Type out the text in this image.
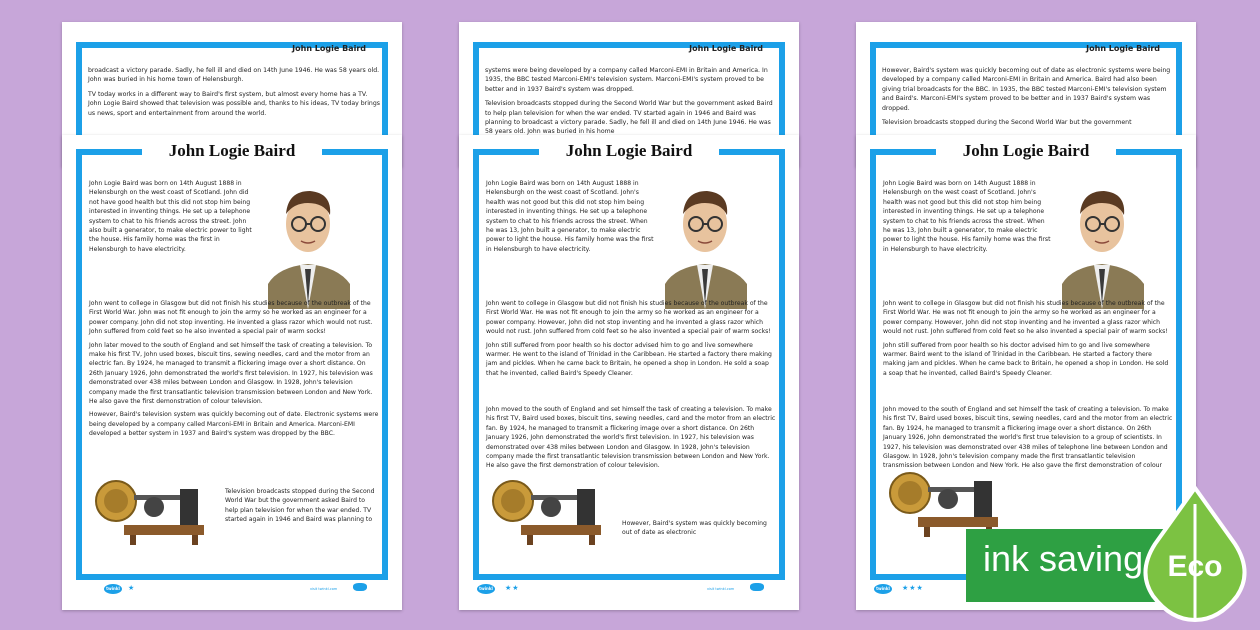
John Logie Baird

broadcast a victory parade. Sadly, he fell ill and died on 14th June 1946. He was 58 years old. John was buried in his home town of Helensburgh.

TV today works in a different way to Baird's first system, but almost every home has a TV. John Logie Baird showed that television was possible and, thanks to his ideas, TV today brings us news, sport and entertainment from around the world.

John Logie Baird

John Logie Baird was born on 14th August 1888 in Helensburgh on the west coast of Scotland. John did not have good health but this did not stop him being interested in inventing things. He set up a telephone system to chat to his friends across the street. John also built a generator, to make electric power to light the house. His family home was the first in Helensburgh to have electricity.

John went to college in Glasgow but did not finish his studies because of the outbreak of the First World War. John was not fit enough to join the army so he worked as an engineer for a power company. John did not stop inventing. He invented a glass razor which would not rust. John suffered from cold feet so he also invented a special pair of warm socks!

John later moved to the south of England and set himself the task of creating a television. To make his first TV, John used boxes, biscuit tins, sewing needles, card and the motor from an electric fan. By 1924, he managed to transmit a flickering image over a short distance. On 26th January 1926, John demonstrated the world's first television. In 1927, his television was demonstrated over 438 miles between London and Glasgow. In 1928, John's television company made the first transatlantic television transmission between London and New York. He also gave the first demonstration of colour television.

However, Baird's television system was quickly becoming out of date. Electronic systems were being developed by a company called Marconi-EMI in Britain and America. Marconi-EMI developed a better system in 1937 and Baird's system was dropped by the BBC.

Television broadcasts stopped during the Second World War but the government asked Baird to help plan television for when the war ended. TV started again in 1946 and Baird was planning to

twinkl ★	visit twinkl.com
John Logie Baird

systems were being developed by a company called Marconi-EMI in Britain and America. In 1935, the BBC tested Marconi-EMI's television system. Marconi-EMI's system proved to be better and in 1937 Baird's system was dropped.

Television broadcasts stopped during the Second World War but the government asked Baird to help plan television for when the war ended. TV started again in 1946 and Baird was planning to broadcast a victory parade. Sadly, he fell ill and died on 14th June 1946. He was 58 years old. John was buried in his home

John Logie Baird

John Logie Baird was born on 14th August 1888 in Helensburgh on the west coast of Scotland. John's health was not good but this did not stop him being interested in inventing things. He set up a telephone system to chat to his friends across the street. When he was 13, John built a generator, to make electric power to light the house. His family home was the first in Helensburgh to have electricity.

John went to college in Glasgow but did not finish his studies because of the outbreak of the First World War. He was not fit enough to join the army so he worked as an engineer for a power company. However, John did not stop inventing and he invented a glass razor which would not rust. John suffered from cold feet so he also invented a special pair of warm socks!

John still suffered from poor health so his doctor advised him to go and live somewhere warmer. He went to the island of Trinidad in the Caribbean. He started a factory there making jam and pickles. When he came back to Britain, he opened a shop in London. He sold a soap that he invented, called Baird's Speedy Cleaner.

John moved to the south of England and set himself the task of creating a television. To make his first TV, Baird used boxes, biscuit tins, sewing needles, card and the motor from an electric fan. By 1924, he managed to transmit a flickering image over a short distance. On 26th January 1926, John demonstrated the world's first television. In 1927, his television was demonstrated over 438 miles between London and Glasgow. In 1928, John's television company made the first transatlantic television transmission between London and New York. He also gave the first demonstration of colour television.

However, Baird's system was quickly becoming out of date as electronic

twinkl ★★	visit twinkl.com
John Logie Baird

However, Baird's system was quickly becoming out of date as electronic systems were being developed by a company called Marconi-EMI in Britain and America. Baird had also been giving trial broadcasts for the BBC. In 1935, the BBC tested Marconi-EMI's television system and Baird's. Marconi-EMI's system proved to be better and in 1937 Baird's system was dropped.

Television broadcasts stopped during the Second World War but the government

John Logie Baird

John Logie Baird was born on 14th August 1888 in Helensburgh on the west coast of Scotland. John's health was not good but this did not stop him being interested in inventing things. He set up a telephone system to chat to his friends across the street. When he was 13, John built a generator, to make electric power to light the house. His family home was the first in Helensburgh to have electricity.

John went to college in Glasgow but did not finish his studies because of the outbreak of the First World War. He was not fit enough to join the army so he worked as an engineer for a power company. However, John did not stop inventing and he invented a glass razor which would not rust. John suffered from cold feet so he also invented a special pair of warm socks!

John still suffered from poor health so his doctor advised him to go and live somewhere warmer. Baird went to the island of Trinidad in the Caribbean. He started a factory there making jam and pickles. When he came back to Britain, he opened a shop in London. He sold a soap that he invented, called Baird's Speedy Cleaner.

John moved to the south of England and set himself the task of creating a television. To make his first TV, Baird used boxes, biscuit tins, sewing needles, card and the motor from an electric fan. By 1924, he managed to transmit a flickering image over a short distance. On 26th January 1926, John demonstrated the world's first true television to a group of scientists. In 1927, his television was demonstrated over 438 miles of telephone line between London and Glasgow. In 1928, John's television company made the first transatlantic television transmission between London and New York. He also gave the first demonstration of colour

twinkl ★★★
ink saving Eco
